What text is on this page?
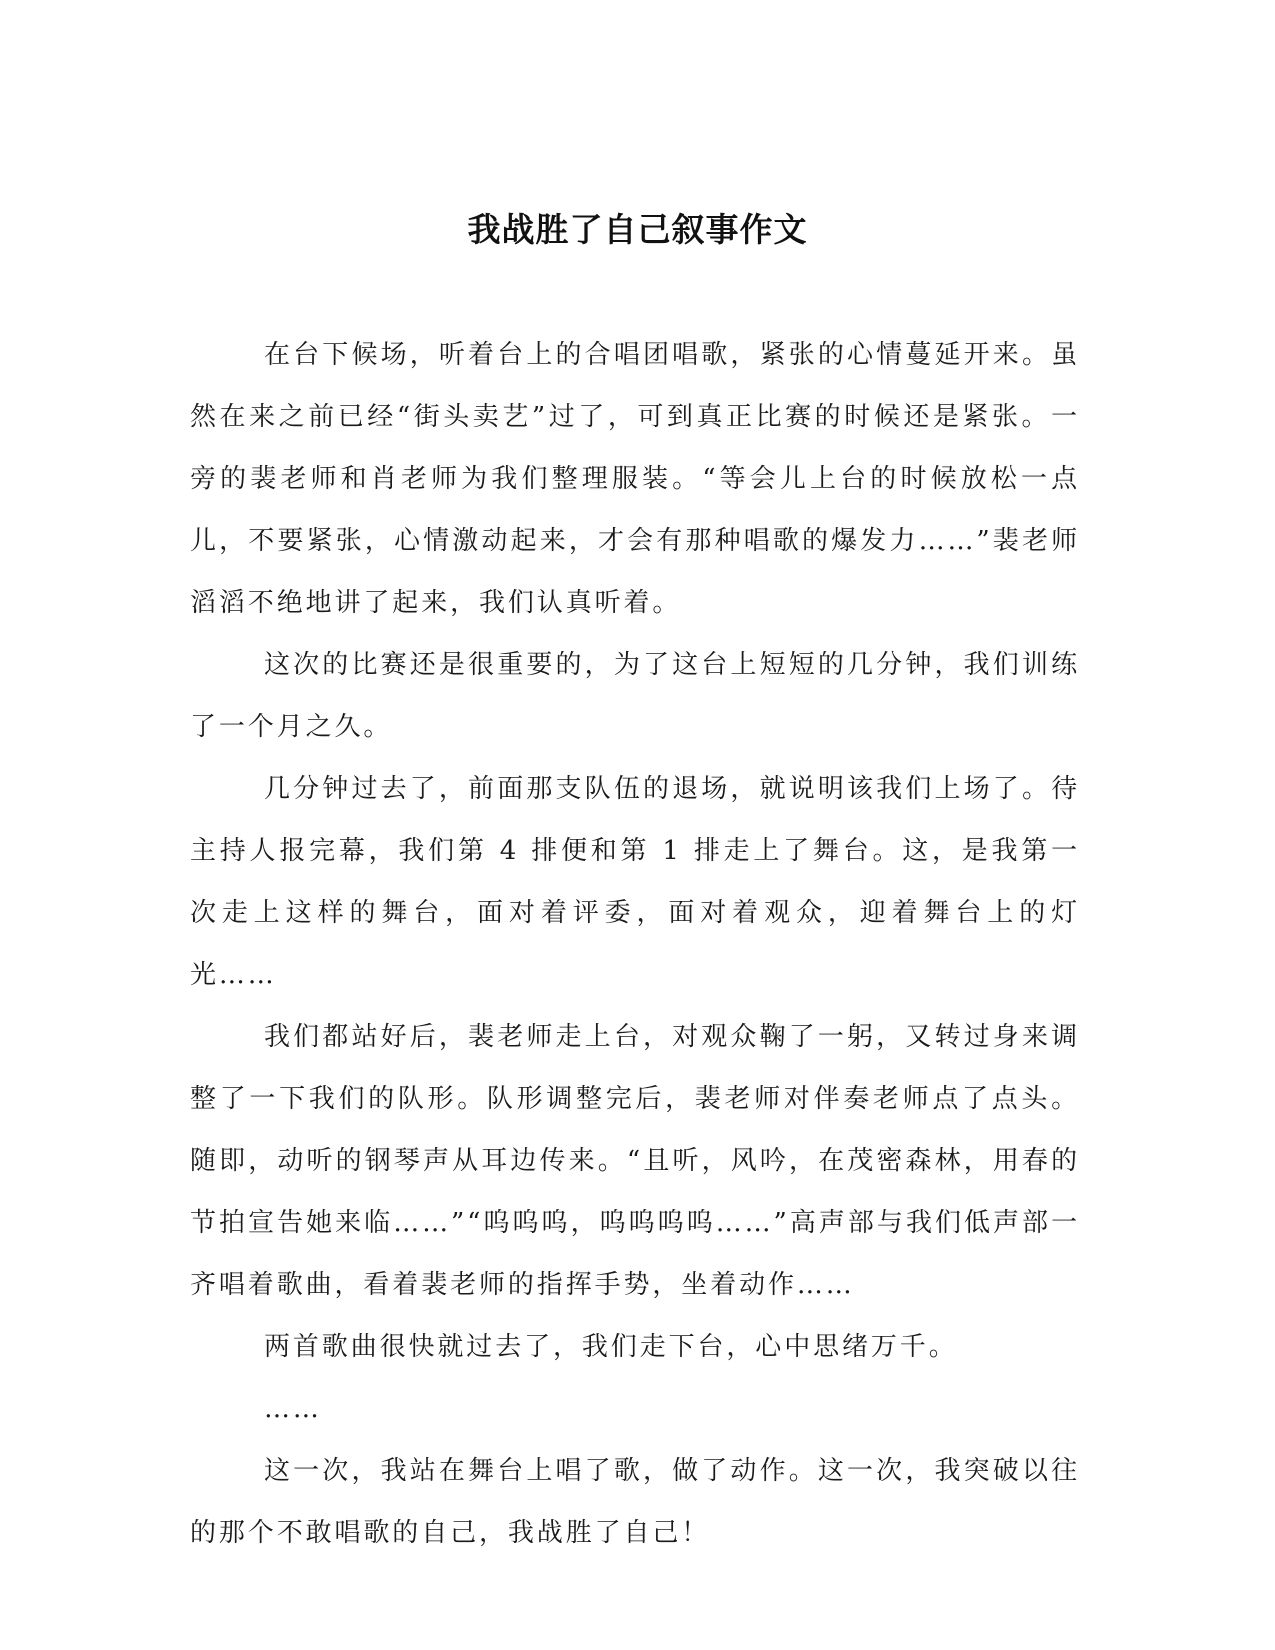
我战胜了自己叙事作文

在台下候场，听着台上的合唱团唱歌，紧张的心情蔓延开来。虽然在来之前已经“街头卖艺”过了，可到真正比赛的时候还是紧张。一旁的裴老师和肖老师为我们整理服装。“等会儿上台的时候放松一点儿，不要紧张，心情激动起来，才会有那种唱歌的爆发力……”裴老师滔滔不绝地讲了起来，我们认真听着。

这次的比赛还是很重要的，为了这台上短短的几分钟，我们训练了一个月之久。

几分钟过去了，前面那支队伍的退场，就说明该我们上场了。待主持人报完幕，我们第 4 排便和第 1 排走上了舞台。这，是我第一次走上这样的舞台，面对着评委，面对着观众，迎着舞台上的灯光……

我们都站好后，裴老师走上台，对观众鞠了一躬，又转过身来调整了一下我们的队形。队形调整完后，裴老师对伴奏老师点了点头。随即，动听的钢琴声从耳边传来。“且听，风吟，在茂密森林，用春的节拍宣告她来临……”“呜呜呜，呜呜呜呜……”高声部与我们低声部一齐唱着歌曲，看着裴老师的指挥手势，坐着动作……

两首歌曲很快就过去了，我们走下台，心中思绪万千。

……

这一次，我站在舞台上唱了歌，做了动作。这一次，我突破以往的那个不敢唱歌的自己，我战胜了自己！
